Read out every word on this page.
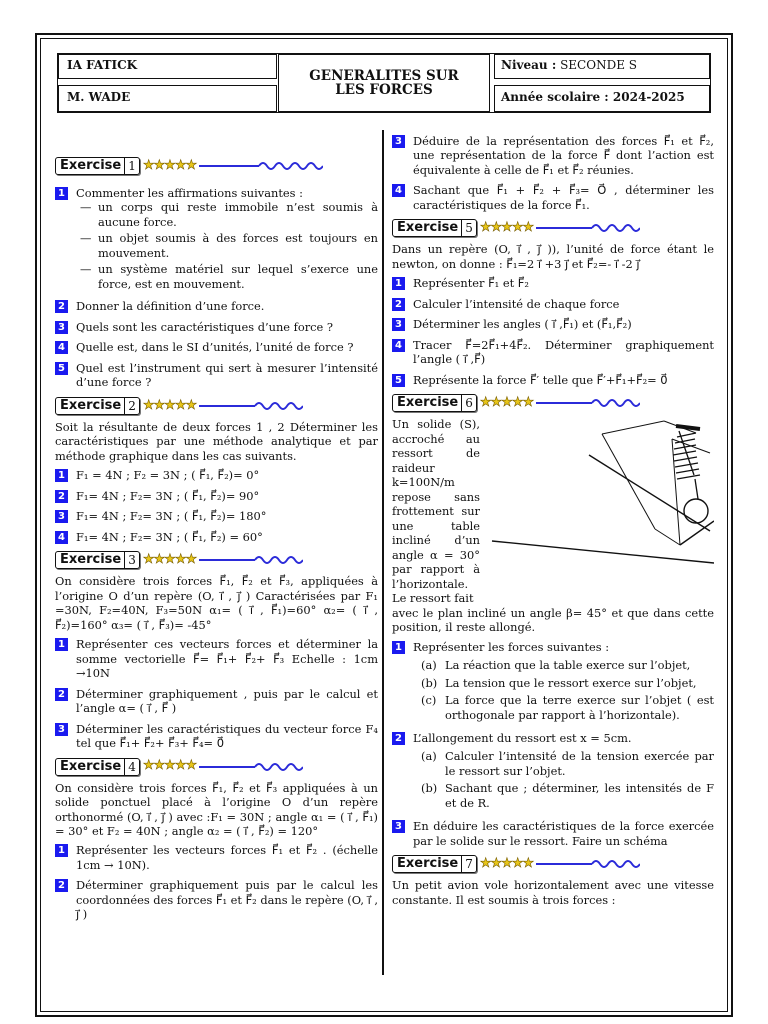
IA FATICK
M. WADE
GENERALITES SUR LES FORCES
Niveau : SECONDE S
Année scolaire : 2024-2025
Exercise 1 ★★★★★
1 Commenter les affirmations suivantes :
— un corps qui reste immobile n’est soumis à aucune force.
— un objet soumis à des forces est toujours en mouvement.
— un système matériel sur lequel s’exerce une force, est en mouvement.
2 Donner la définition d’une force.
3 Quels sont les caractéristiques d’une force ?
4 Quelle est, dans le SI d’unités, l’unité de force ?
5 Quel est l’instrument qui sert à mesurer l’intensité d’une force ?
Exercise 2 ★★★★★
Soit la résultante de deux forces 1 , 2 Déterminer les caractéristiques par une méthode analytique et par méthode graphique dans les cas suivants.
1 F₁ = 4N ; F₂ = 3N ; ( F⃗₁, F⃗₂)= 0°
2 F₁= 4N ; F₂= 3N ; ( F⃗₁, F⃗₂)= 90°
3 F₁= 4N ; F₂= 3N ; ( F⃗₁, F⃗₂)= 180°
4 F₁= 4N ; F₂= 3N ; ( F⃗₁, F⃗₂) = 60°
Exercise 3 ★★★★★
On considère trois forces F⃗₁, F⃗₂ et F⃗₃, appliquées à l’origine O d’un repère (O, i⃗ , j⃗ ) Caractérisées par F₁ =30N, F₂=40N, F₃=50N α₁= ( i⃗ , F⃗₁)=60° α₂= ( i⃗ , F⃗₂)=160° α₃= ( i⃗ , F⃗₃)= -45°
1 Représenter ces vecteurs forces et déterminer la somme vectorielle F⃗= F⃗₁+ F⃗₂+ F⃗₃ Echelle : 1cm →10N
2 Déterminer graphiquement , puis par le calcul et l’angle α= ( i⃗ , F⃗ )
3 Déterminer les caractéristiques du vecteur force F₄ tel que F⃗₁+ F⃗₂+ F⃗₃+ F⃗₄= 0⃗
Exercise 4 ★★★★★
On considère trois forces F⃗₁, F⃗₂ et F⃗₃ appliquées à un solide ponctuel placé à l’origine O d’un repère orthonormé (O, i⃗ , j⃗ ) avec :F₁ = 30N ; angle α₁ = ( i⃗ , F⃗₁) = 30° et F₂ = 40N ; angle α₂ = ( i⃗ , F⃗₂) = 120°
1 Représenter les vecteurs forces F⃗₁ et F⃗₂ . (échelle 1cm → 10N).
2 Déterminer graphiquement puis par le calcul les coordonnées des forces F⃗₁ et F⃗₂ dans le repère (O, i⃗ , j⃗ )
3 Déduire de la représentation des forces F⃗₁ et F⃗₂, une représentation de la force F⃗ dont l’action est équivalente à celle de F⃗₁ et F⃗₂ réunies.
4 Sachant que F⃗₁ + F⃗₂ + F⃗₃= O⃗ , déterminer les caractéristiques de la force F⃗₁.
Exercise 5 ★★★★★
Dans un repère (O, i⃗ , j⃗ )), l’unité de force étant le newton, on donne : F⃗₁=2 i⃗ +3 j⃗ et F⃗₂=- i⃗ -2 j⃗
1 Représenter F⃗₁ et F⃗₂
2 Calculer l’intensité de chaque force
3 Déterminer les angles ( i⃗ ,F⃗₁) et (F⃗₁,F⃗₂)
4 Tracer F⃗=2F⃗₁+4F⃗₂. Déterminer graphiquement l’angle ( i⃗ ,F⃗)
5 Représente la force F⃗′ telle que F⃗′+F⃗₁+F⃗₂= 0⃗
Exercise 6 ★★★★★
Un solide (S), accroché au ressort de raideur k=100N/m repose sans frottement sur une table incliné d’un angle α = 30° par rapport à l’horizontale. Le ressort fait
avec le plan incliné un angle β= 45° et que dans cette position, il reste allongé.
1 Représenter les forces suivantes :
(a) La réaction que la table exerce sur l’objet,
(b) La tension que le ressort exerce sur l’objet,
(c) La force que la terre exerce sur l’objet ( est orthogonale par rapport à l’horizontale).
2 L’allongement du ressort est x = 5cm.
(a) Calculer l’intensité de la tension exercée par le ressort sur l’objet.
(b) Sachant que ; déterminer, les intensités de F et de R.
3 En déduire les caractéristiques de la force exercée par le solide sur le ressort. Faire un schéma
Exercise 7 ★★★★★
Un petit avion vole horizontalement avec une vitesse constante. Il est soumis à trois forces :
